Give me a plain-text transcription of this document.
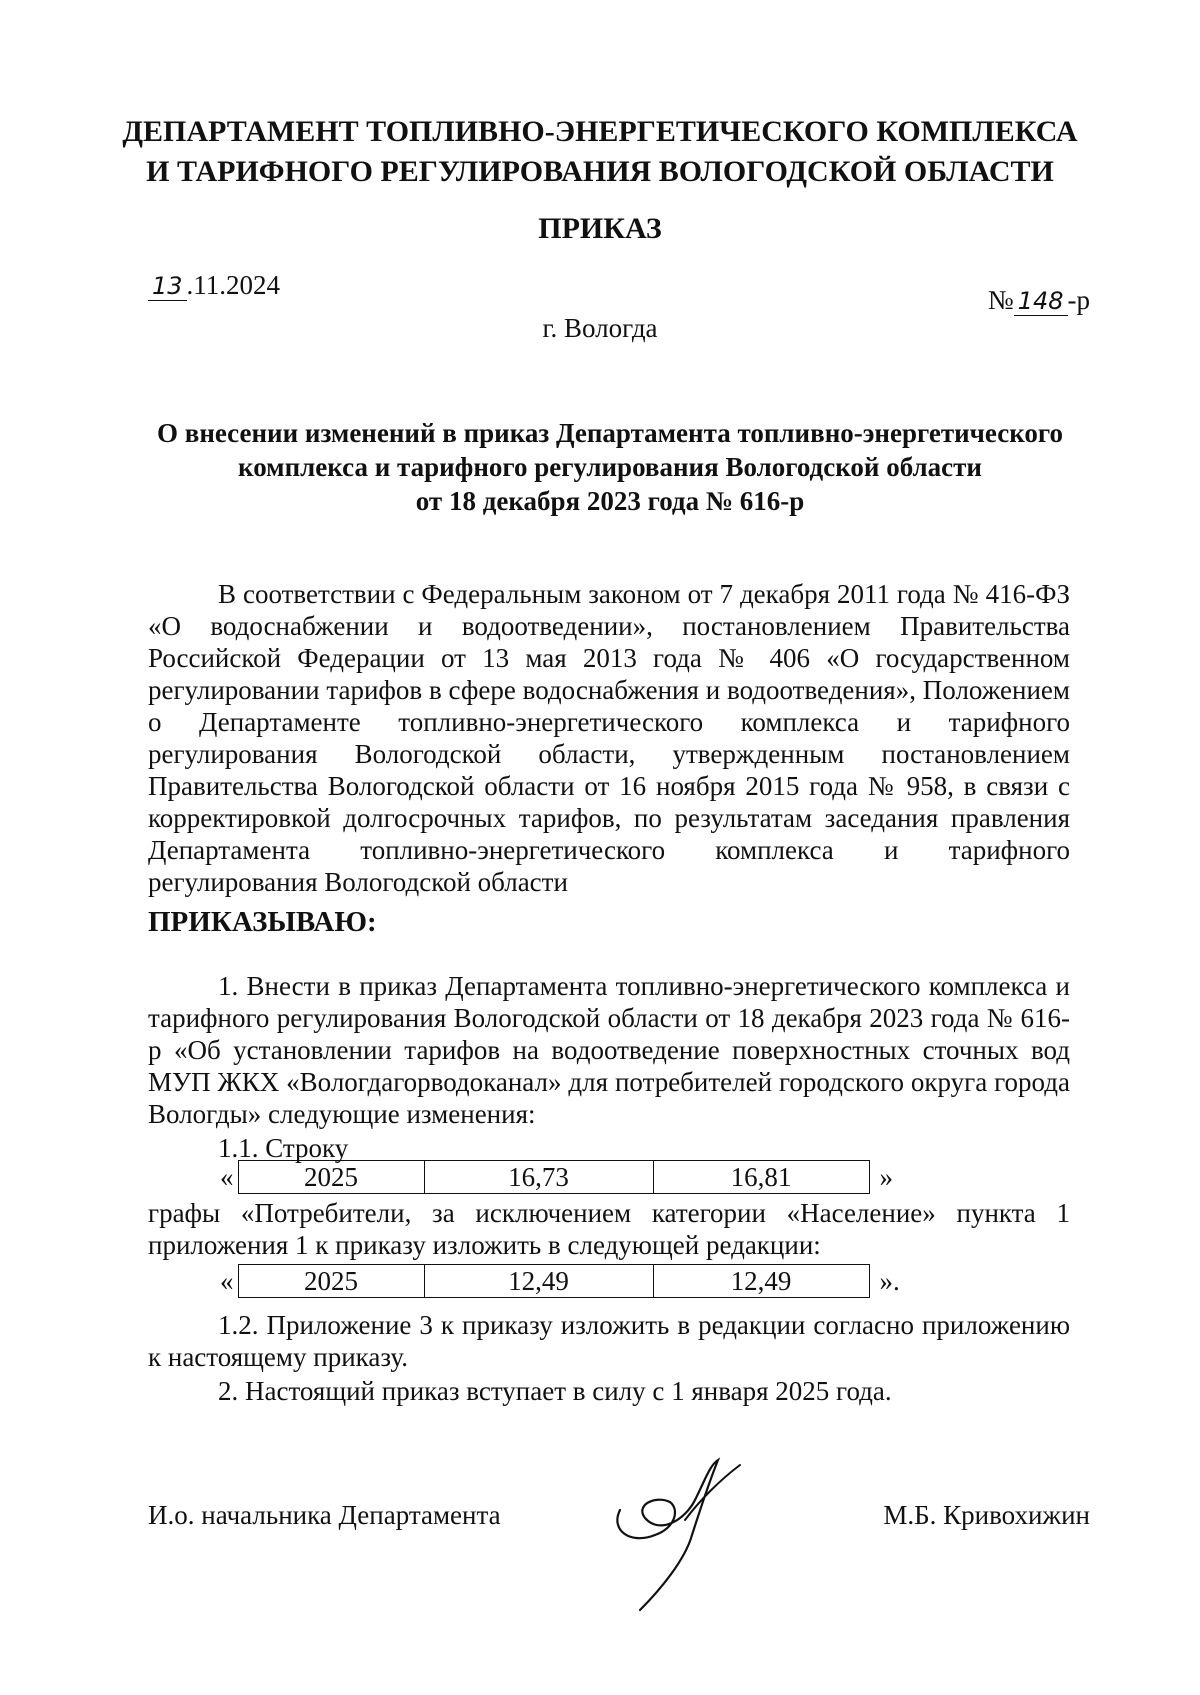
ДЕПАРТАМЕНТ ТОПЛИВНО-ЭНЕРГЕТИЧЕСКОГО КОМПЛЕКСА
И ТАРИФНОГО РЕГУЛИРОВАНИЯ ВОЛОГОДСКОЙ ОБЛАСТИ
ПРИКАЗ
13 .11.2024	№ 148 -р
г. Вологда
О внесении изменений в приказ Департамента топливно-энергетического
комплекса и тарифного регулирования Вологодской области
от 18 декабря 2023 года № 616-р
В соответствии с Федеральным законом от 7 декабря 2011 года № 416-ФЗ «О водоснабжении и водоотведении», постановлением Правительства Российской Федерации от 13 мая 2013 года № 406 «О государственном регулировании тарифов в сфере водоснабжения и водоотведения», Положением о Департаменте топливно-энергетического комплекса и тарифного регулирования Вологодской области, утвержденным постановлением Правительства Вологодской области от 16 ноября 2015 года № 958, в связи с корректировкой долгосрочных тарифов, по результатам заседания правления Департамента топливно-энергетического комплекса и тарифного регулирования Вологодской области
ПРИКАЗЫВАЮ:
1. Внести в приказ Департамента топливно-энергетического комплекса и тарифного регулирования Вологодской области от 18 декабря 2023 года № 616-р «Об установлении тарифов на водоотведение поверхностных сточных вод МУП ЖКХ «Вологдагорводоканал» для потребителей городского округа города Вологды» следующие изменения:
1.1. Строку
«	2025	16,73	16,81	»
графы «Потребители, за исключением категории «Население» пункта 1 приложения 1 к приказу изложить в следующей редакции:
«	2025	12,49	12,49	».
1.2. Приложение 3 к приказу изложить в редакции согласно приложению к настоящему приказу.
2. Настоящий приказ вступает в силу с 1 января 2025 года.
И.о. начальника Департамента	М.Б. Кривохижин
